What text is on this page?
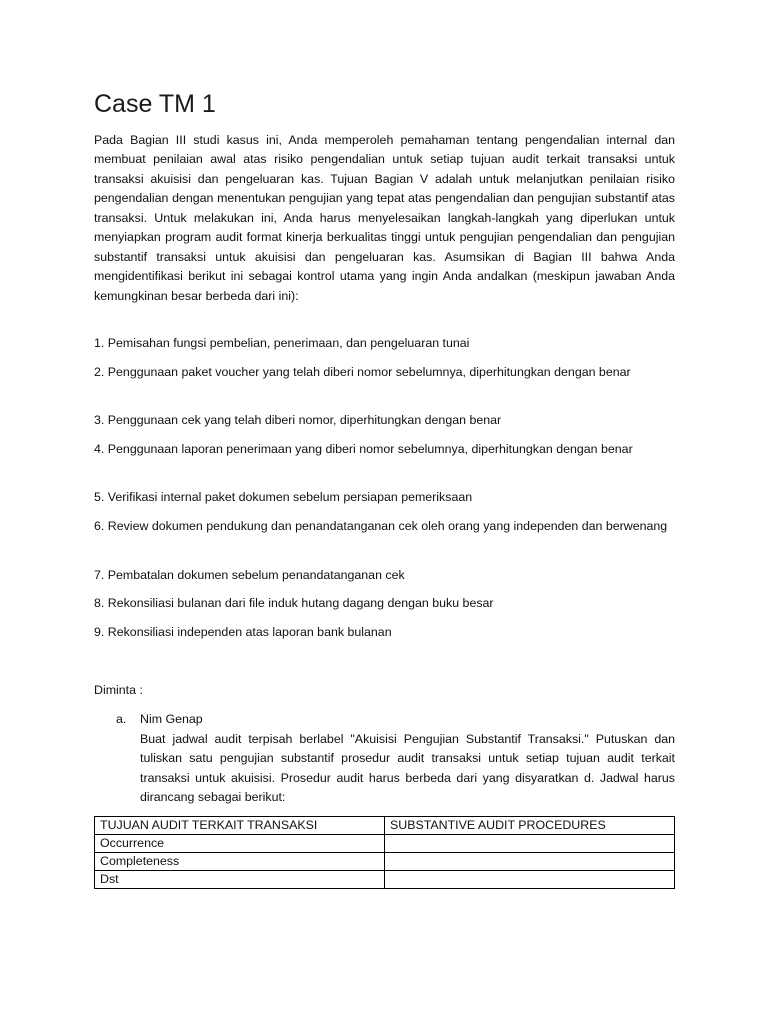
Case TM 1

Pada Bagian III studi kasus ini, Anda memperoleh pemahaman tentang pengendalian internal dan membuat penilaian awal atas risiko pengendalian untuk setiap tujuan audit terkait transaksi untuk transaksi akuisisi dan pengeluaran kas. Tujuan Bagian V adalah untuk melanjutkan penilaian risiko pengendalian dengan menentukan pengujian yang tepat atas pengendalian dan pengujian substantif atas transaksi. Untuk melakukan ini, Anda harus menyelesaikan langkah-langkah yang diperlukan untuk menyiapkan program audit format kinerja berkualitas tinggi untuk pengujian pengendalian dan pengujian substantif transaksi untuk akuisisi dan pengeluaran kas. Asumsikan di Bagian III bahwa Anda mengidentifikasi berikut ini sebagai kontrol utama yang ingin Anda andalkan (meskipun jawaban Anda kemungkinan besar berbeda dari ini):

1. Pemisahan fungsi pembelian, penerimaan, dan pengeluaran tunai

2. Penggunaan paket voucher yang telah diberi nomor sebelumnya, diperhitungkan dengan benar

3. Penggunaan cek yang telah diberi nomor, diperhitungkan dengan benar

4. Penggunaan laporan penerimaan yang diberi nomor sebelumnya, diperhitungkan dengan benar

5. Verifikasi internal paket dokumen sebelum persiapan pemeriksaan

6. Review dokumen pendukung dan penandatanganan cek oleh orang yang independen dan berwenang

7. Pembatalan dokumen sebelum penandatanganan cek

8. Rekonsiliasi bulanan dari file induk hutang dagang dengan buku besar

9. Rekonsiliasi independen atas laporan bank bulanan

Diminta :

a. Nim Genap
Buat jadwal audit terpisah berlabel "Akuisisi Pengujian Substantif Transaksi." Putuskan dan tuliskan satu pengujian substantif prosedur audit transaksi untuk setiap tujuan audit terkait transaksi untuk akuisisi. Prosedur audit harus berbeda dari yang disyaratkan d. Jadwal harus dirancang sebagai berikut:
TUJUAN AUDIT TERKAIT TRANSAKSI	SUBSTANTIVE AUDIT PROCEDURES
Occurrence	
Completeness	
Dst	
